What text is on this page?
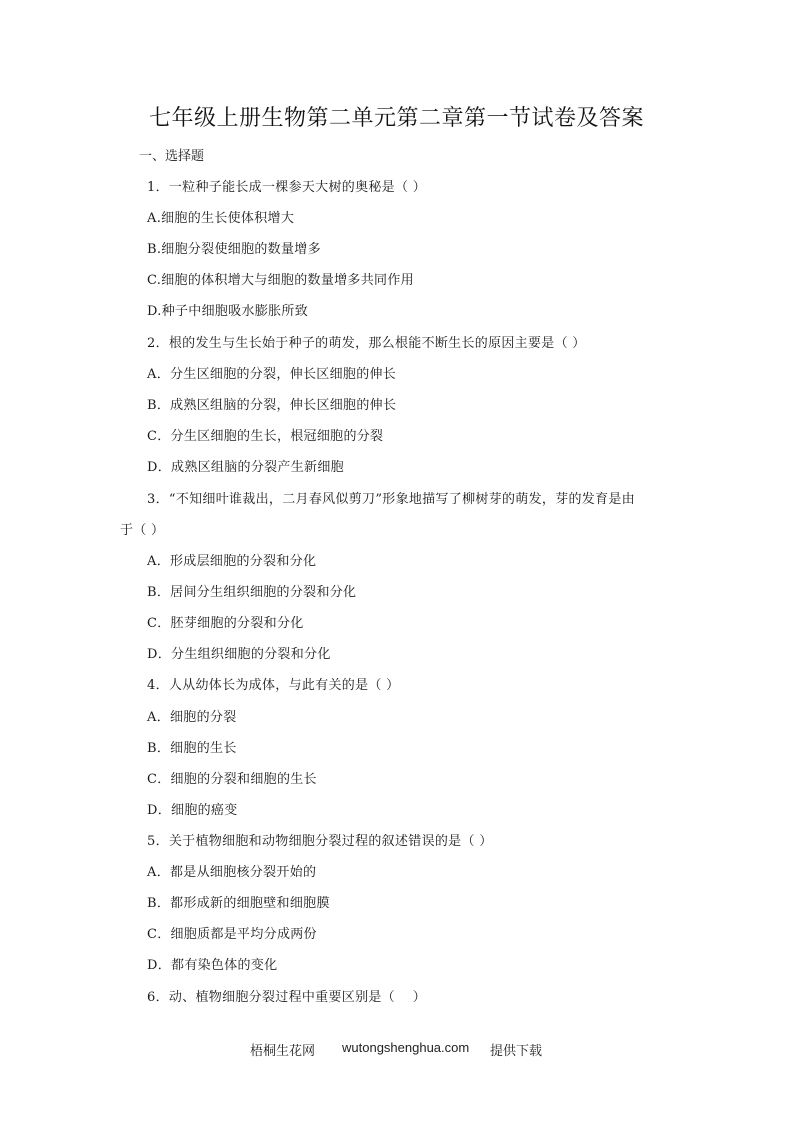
七年级上册生物第二单元第二章第一节试卷及答案
一、选择题
1．一粒种子能长成一棵参天大树的奥秘是（ ）
A.细胞的生长使体积增大
B.细胞分裂使细胞的数量增多
C.细胞的体积增大与细胞的数量增多共同作用
D.种子中细胞吸水膨胀所致
2．根的发生与生长始于种子的萌发，那么根能不断生长的原因主要是（ ）
A．分生区细胞的分裂，伸长区细胞的伸长
B．成熟区组脑的分裂，伸长区细胞的伸长
C．分生区细胞的生长，根冠细胞的分裂
D．成熟区组脑的分裂产生新细胞
3．“不知细叶谁裁出，二月春风似剪刀”形象地描写了柳树芽的萌发，芽的发育是由
于（ ）
A．形成层细胞的分裂和分化
B．居间分生组织细胞的分裂和分化
C．胚芽细胞的分裂和分化
D．分生组织细胞的分裂和分化
4．人从幼体长为成体，与此有关的是（ ）
A．细胞的分裂
B．细胞的生长
C．细胞的分裂和细胞的生长
D．细胞的癌变
5．关于植物细胞和动物细胞分裂过程的叙述错误的是（ ）
A．都是从细胞核分裂开始的
B．都形成新的细胞壁和细胞膜
C．细胞质都是平均分成两份
D．都有染色体的变化
6．动、植物细胞分裂过程中重要区别是（　 ）
梧桐生花网 wutongshenghua.com 提供下载
